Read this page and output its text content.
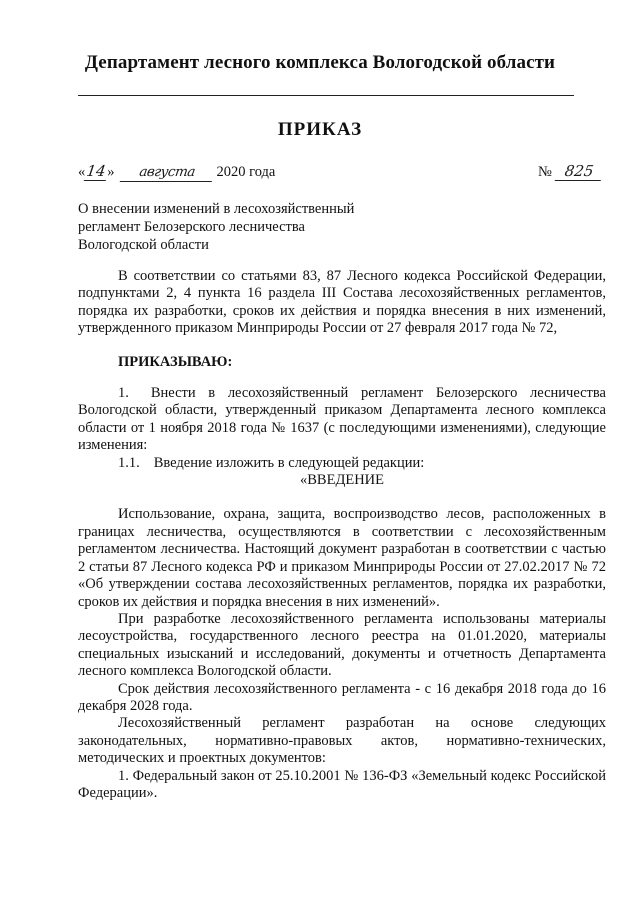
Департамент лесного комплекса Вологодской области
ПРИКАЗ
« 14 »	августа	2020 года	№ 825
О внесении изменений в лесохозяйственный
регламент Белозерского лесничества
Вологодской области

В соответствии со статьями 83, 87 Лесного кодекса Российской Федерации, подпунктами 2, 4 пункта 16 раздела III Состава лесохозяйственных регламентов, порядка их разработки, сроков их действия и порядка внесения в них изменений, утвержденного приказом Минприроды России от 27 февраля 2017 года № 72,

ПРИКАЗЫВАЮ:

1. Внести в лесохозяйственный регламент Белозерского лесничества Вологодской области, утвержденный приказом Департамента лесного комплекса области от 1 ноября 2018 года № 1637 (с последующими изменениями), следующие изменения:

1.1. Введение изложить в следующей редакции:

«ВВЕДЕНИЕ

Использование, охрана, защита, воспроизводство лесов, расположенных в границах лесничества, осуществляются в соответствии с лесохозяйственным регламентом лесничества. Настоящий документ разработан в соответствии с частью 2 статьи 87 Лесного кодекса РФ и приказом Минприроды России от 27.02.2017 № 72 «Об утверждении состава лесохозяйственных регламентов, порядка их разработки, сроков их действия и порядка внесения в них изменений».

При разработке лесохозяйственного регламента использованы материалы лесоустройства, государственного лесного реестра на 01.01.2020, материалы специальных изысканий и исследований, документы и отчетность Департамента лесного комплекса Вологодской области.

Срок действия лесохозяйственного регламента - с 16 декабря 2018 года до 16 декабря 2028 года.

Лесохозяйственный регламент разработан на основе следующих законодательных, нормативно-правовых актов, нормативно-технических, методических и проектных документов:

1. Федеральный закон от 25.10.2001 № 136-ФЗ «Земельный кодекс Российской Федерации».
